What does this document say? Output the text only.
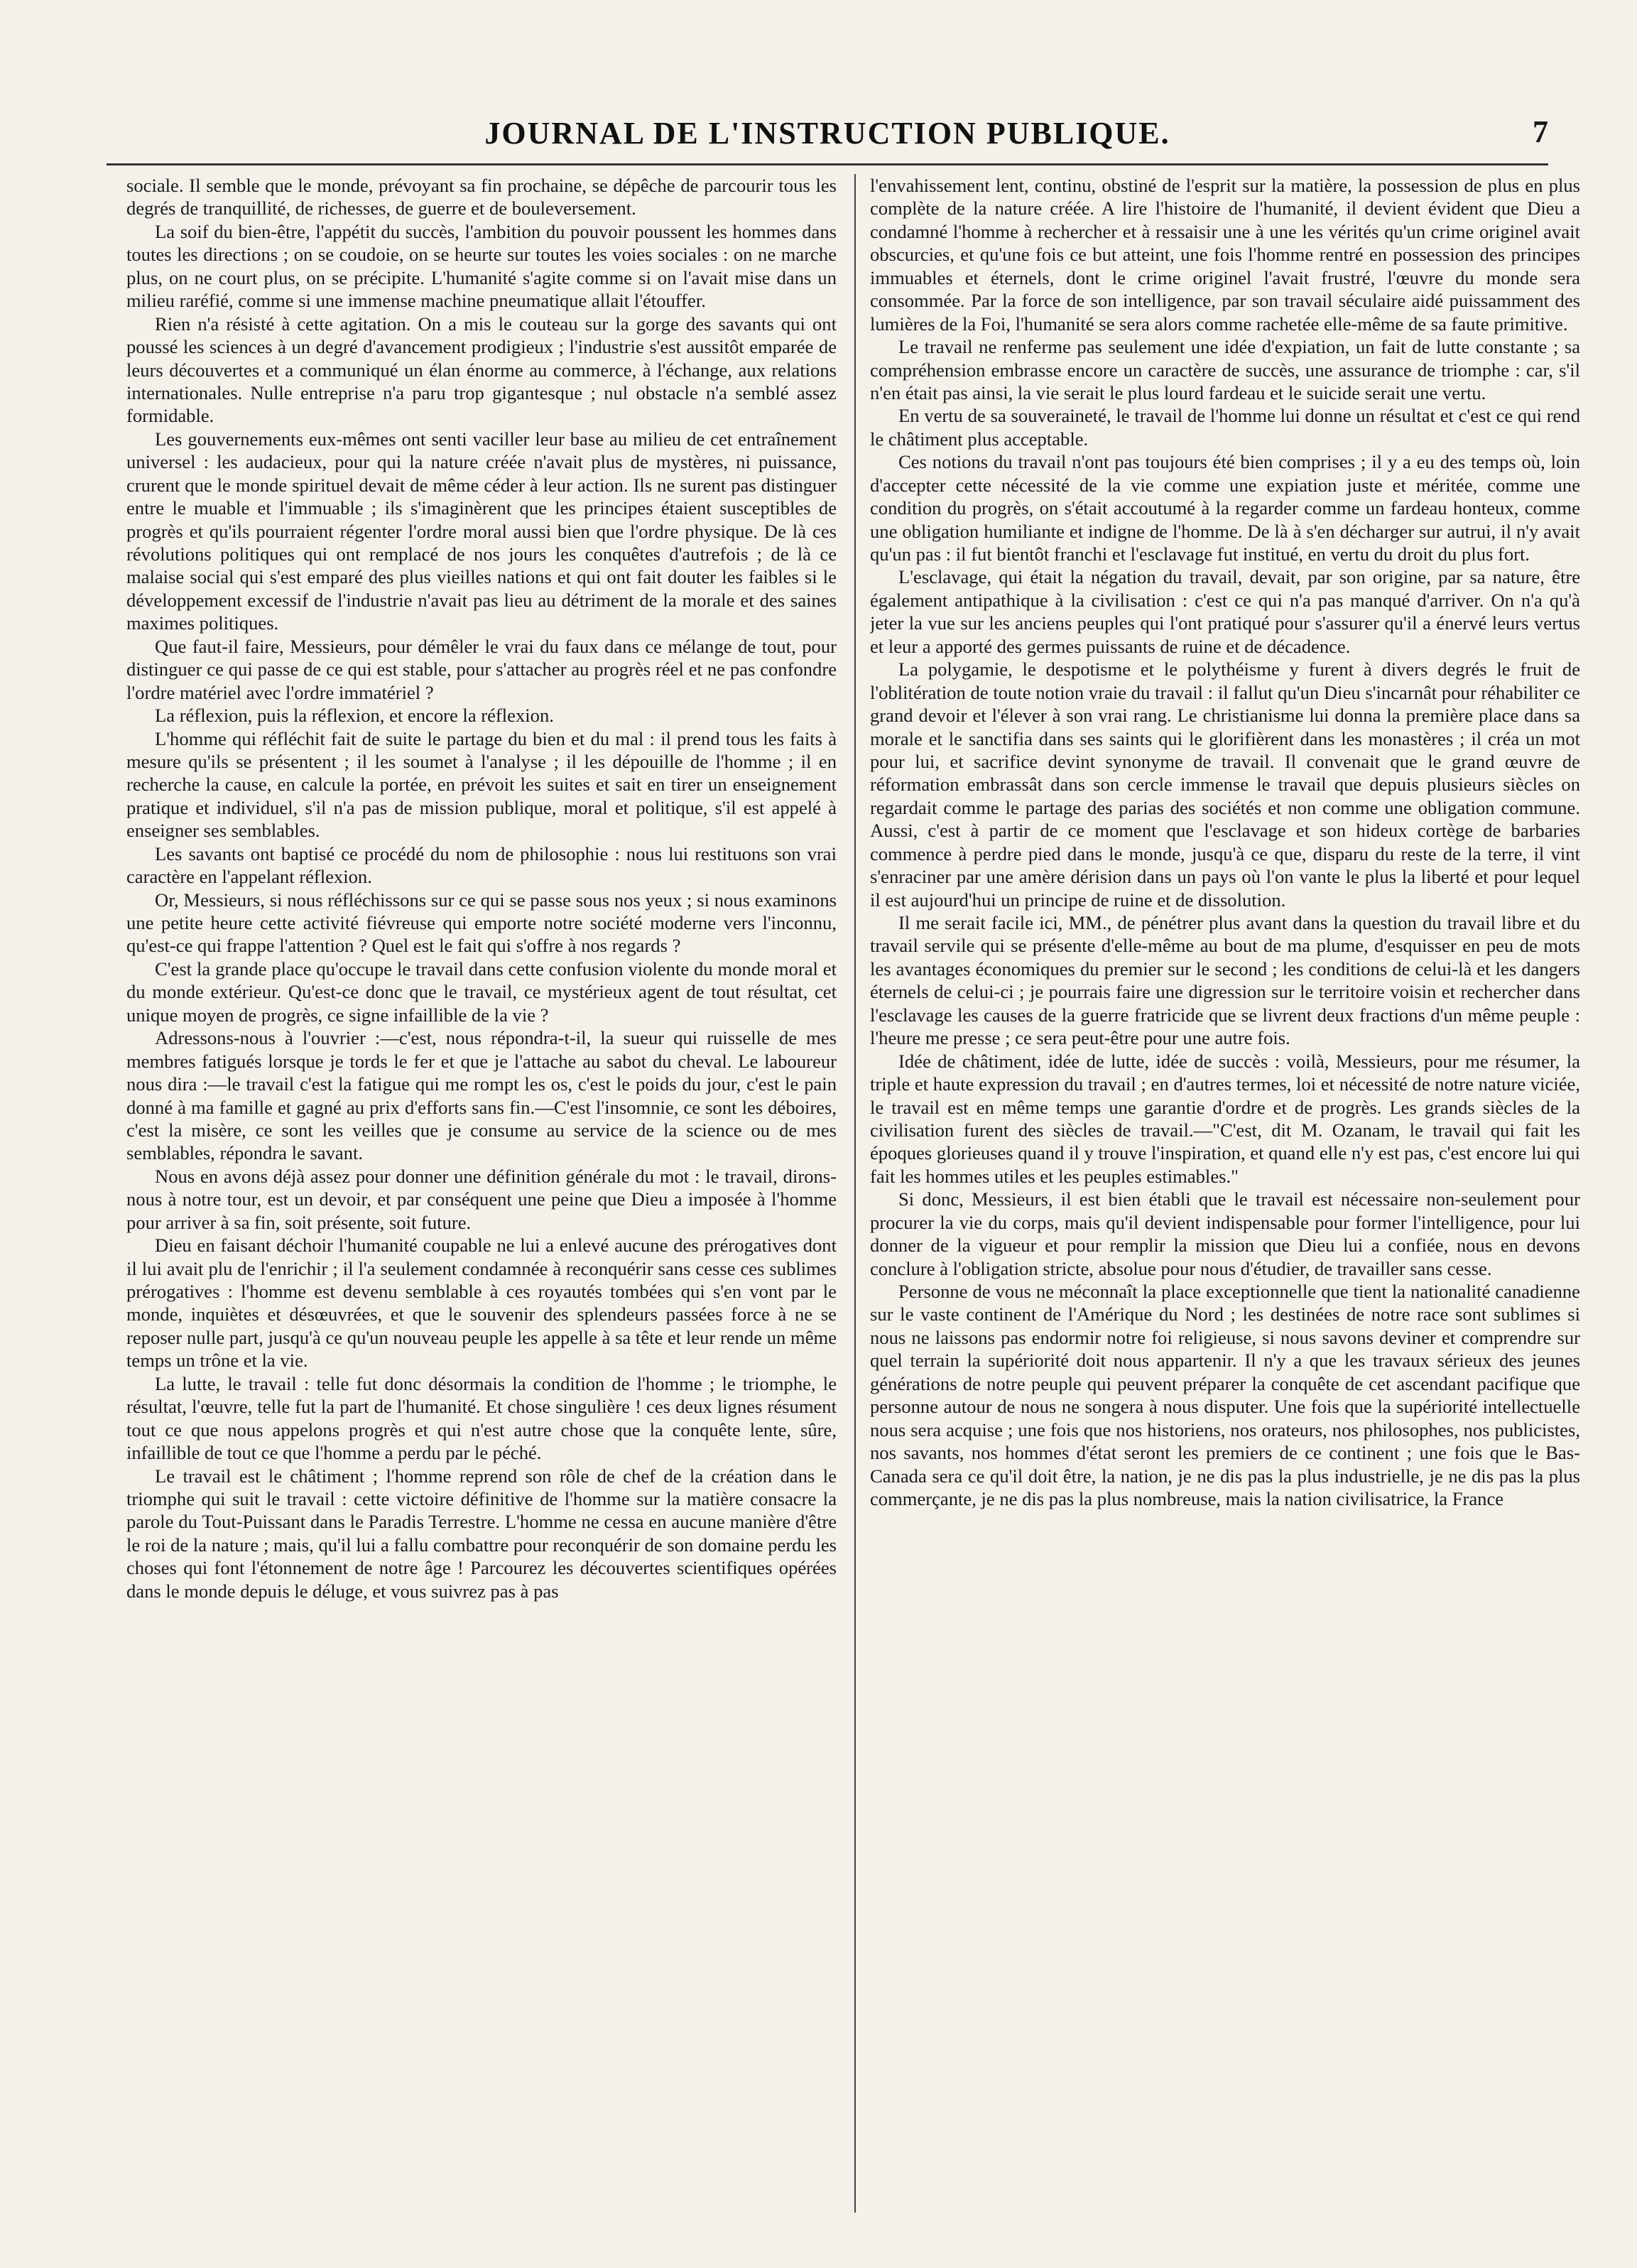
JOURNAL DE L'INSTRUCTION PUBLIQUE.	7

sociale. Il semble que le monde, prévoyant sa fin prochaine, se dépêche de parcourir tous les degrés de tranquillité, de richesses, de guerre et de bouleversement.

La soif du bien-être, l'appétit du succès, l'ambition du pouvoir poussent les hommes dans toutes les directions ; on se coudoie, on se heurte sur toutes les voies sociales : on ne marche plus, on ne court plus, on se précipite. L'humanité s'agite comme si on l'avait mise dans un milieu raréfié, comme si une immense machine pneumatique allait l'étouffer.

Rien n'a résisté à cette agitation. On a mis le couteau sur la gorge des savants qui ont poussé les sciences à un degré d'avancement prodigieux ; l'industrie s'est aussitôt emparée de leurs découvertes et a communiqué un élan énorme au commerce, à l'échange, aux relations internationales. Nulle entreprise n'a paru trop gigantesque ; nul obstacle n'a semblé assez formidable.

Les gouvernements eux-mêmes ont senti vaciller leur base au milieu de cet entraînement universel : les audacieux, pour qui la nature créée n'avait plus de mystères, ni puissance, crurent que le monde spirituel devait de même céder à leur action. Ils ne surent pas distinguer entre le muable et l'immuable ; ils s'imaginèrent que les principes étaient susceptibles de progrès et qu'ils pourraient régenter l'ordre moral aussi bien que l'ordre physique. De là ces révolutions politiques qui ont remplacé de nos jours les conquêtes d'autrefois ; de là ce malaise social qui s'est emparé des plus vieilles nations et qui ont fait douter les faibles si le développement excessif de l'industrie n'avait pas lieu au détriment de la morale et des saines maximes politiques.

Que faut-il faire, Messieurs, pour démêler le vrai du faux dans ce mélange de tout, pour distinguer ce qui passe de ce qui est stable, pour s'attacher au progrès réel et ne pas confondre l'ordre matériel avec l'ordre immatériel ?

La réflexion, puis la réflexion, et encore la réflexion.

L'homme qui réfléchit fait de suite le partage du bien et du mal : il prend tous les faits à mesure qu'ils se présentent ; il les soumet à l'analyse ; il les dépouille de l'homme ; il en recherche la cause, en calcule la portée, en prévoit les suites et sait en tirer un enseignement pratique et individuel, s'il n'a pas de mission publique, moral et politique, s'il est appelé à enseigner ses semblables.

Les savants ont baptisé ce procédé du nom de philosophie : nous lui restituons son vrai caractère en l'appelant réflexion.

Or, Messieurs, si nous réfléchissons sur ce qui se passe sous nos yeux ; si nous examinons une petite heure cette activité fiévreuse qui emporte notre société moderne vers l'inconnu, qu'est-ce qui frappe l'attention ? Quel est le fait qui s'offre à nos regards ?

C'est la grande place qu'occupe le travail dans cette confusion violente du monde moral et du monde extérieur. Qu'est-ce donc que le travail, ce mystérieux agent de tout résultat, cet unique moyen de progrès, ce signe infaillible de la vie ?

Adressons-nous à l'ouvrier :—c'est, nous répondra-t-il, la sueur qui ruisselle de mes membres fatigués lorsque je tords le fer et que je l'attache au sabot du cheval. Le laboureur nous dira :—le travail c'est la fatigue qui me rompt les os, c'est le poids du jour, c'est le pain donné à ma famille et gagné au prix d'efforts sans fin.—C'est l'insomnie, ce sont les déboires, c'est la misère, ce sont les veilles que je consume au service de la science ou de mes semblables, répondra le savant.

Nous en avons déjà assez pour donner une définition générale du mot : le travail, dirons-nous à notre tour, est un devoir, et par conséquent une peine que Dieu a imposée à l'homme pour arriver à sa fin, soit présente, soit future.

Dieu en faisant déchoir l'humanité coupable ne lui a enlevé aucune des prérogatives dont il lui avait plu de l'enrichir ; il l'a seulement condamnée à reconquérir sans cesse ces sublimes prérogatives : l'homme est devenu semblable à ces royautés tombées qui s'en vont par le monde, inquiètes et désœuvrées, et que le souvenir des splendeurs passées force à ne se reposer nulle part, jusqu'à ce qu'un nouveau peuple les appelle à sa tête et leur rende un même temps un trône et la vie.

La lutte, le travail : telle fut donc désormais la condition de l'homme ; le triomphe, le résultat, l'œuvre, telle fut la part de l'humanité. Et chose singulière ! ces deux lignes résument tout ce que nous appelons progrès et qui n'est autre chose que la conquête lente, sûre, infaillible de tout ce que l'homme a perdu par le péché.

Le travail est le châtiment ; l'homme reprend son rôle de chef de la création dans le triomphe qui suit le travail : cette victoire définitive de l'homme sur la matière consacre la parole du Tout-Puissant dans le Paradis Terrestre. L'homme ne cessa en aucune manière d'être le roi de la nature ; mais, qu'il lui a fallu combattre pour reconquérir de son domaine perdu les choses qui font l'étonnement de notre âge ! Parcourez les découvertes scientifiques opérées dans le monde depuis le déluge, et vous suivrez pas à pas

l'envahissement lent, continu, obstiné de l'esprit sur la matière, la possession de plus en plus complète de la nature créée. A lire l'histoire de l'humanité, il devient évident que Dieu a condamné l'homme à rechercher et à ressaisir une à une les vérités qu'un crime originel avait obscurcies, et qu'une fois ce but atteint, une fois l'homme rentré en possession des principes immuables et éternels, dont le crime originel l'avait frustré, l'œuvre du monde sera consommée. Par la force de son intelligence, par son travail séculaire aidé puissamment des lumières de la Foi, l'humanité se sera alors comme rachetée elle-même de sa faute primitive.

Le travail ne renferme pas seulement une idée d'expiation, un fait de lutte constante ; sa compréhension embrasse encore un caractère de succès, une assurance de triomphe : car, s'il n'en était pas ainsi, la vie serait le plus lourd fardeau et le suicide serait une vertu.

En vertu de sa souveraineté, le travail de l'homme lui donne un résultat et c'est ce qui rend le châtiment plus acceptable.

Ces notions du travail n'ont pas toujours été bien comprises ; il y a eu des temps où, loin d'accepter cette nécessité de la vie comme une expiation juste et méritée, comme une condition du progrès, on s'était accoutumé à la regarder comme un fardeau honteux, comme une obligation humiliante et indigne de l'homme. De là à s'en décharger sur autrui, il n'y avait qu'un pas : il fut bientôt franchi et l'esclavage fut institué, en vertu du droit du plus fort.

L'esclavage, qui était la négation du travail, devait, par son origine, par sa nature, être également antipathique à la civilisation : c'est ce qui n'a pas manqué d'arriver. On n'a qu'à jeter la vue sur les anciens peuples qui l'ont pratiqué pour s'assurer qu'il a énervé leurs vertus et leur a apporté des germes puissants de ruine et de décadence.

La polygamie, le despotisme et le polythéisme y furent à divers degrés le fruit de l'oblitération de toute notion vraie du travail : il fallut qu'un Dieu s'incarnât pour réhabiliter ce grand devoir et l'élever à son vrai rang. Le christianisme lui donna la première place dans sa morale et le sanctifia dans ses saints qui le glorifièrent dans les monastères ; il créa un mot pour lui, et sacrifice devint synonyme de travail. Il convenait que le grand œuvre de réformation embrassât dans son cercle immense le travail que depuis plusieurs siècles on regardait comme le partage des parias des sociétés et non comme une obligation commune. Aussi, c'est à partir de ce moment que l'esclavage et son hideux cortège de barbaries commence à perdre pied dans le monde, jusqu'à ce que, disparu du reste de la terre, il vint s'enraciner par une amère dérision dans un pays où l'on vante le plus la liberté et pour lequel il est aujourd'hui un principe de ruine et de dissolution.

Il me serait facile ici, MM., de pénétrer plus avant dans la question du travail libre et du travail servile qui se présente d'elle-même au bout de ma plume, d'esquisser en peu de mots les avantages économiques du premier sur le second ; les conditions de celui-là et les dangers éternels de celui-ci ; je pourrais faire une digression sur le territoire voisin et rechercher dans l'esclavage les causes de la guerre fratricide que se livrent deux fractions d'un même peuple : l'heure me presse ; ce sera peut-être pour une autre fois.

Idée de châtiment, idée de lutte, idée de succès : voilà, Messieurs, pour me résumer, la triple et haute expression du travail ; en d'autres termes, loi et nécessité de notre nature viciée, le travail est en même temps une garantie d'ordre et de progrès. Les grands siècles de la civilisation furent des siècles de travail.—"C'est, dit M. Ozanam, le travail qui fait les époques glorieuses quand il y trouve l'inspiration, et quand elle n'y est pas, c'est encore lui qui fait les hommes utiles et les peuples estimables."

Si donc, Messieurs, il est bien établi que le travail est nécessaire non-seulement pour procurer la vie du corps, mais qu'il devient indispensable pour former l'intelligence, pour lui donner de la vigueur et pour remplir la mission que Dieu lui a confiée, nous en devons conclure à l'obligation stricte, absolue pour nous d'étudier, de travailler sans cesse.

Personne de vous ne méconnaît la place exceptionnelle que tient la nationalité canadienne sur le vaste continent de l'Amérique du Nord ; les destinées de notre race sont sublimes si nous ne laissons pas endormir notre foi religieuse, si nous savons deviner et comprendre sur quel terrain la supériorité doit nous appartenir. Il n'y a que les travaux sérieux des jeunes générations de notre peuple qui peuvent préparer la conquête de cet ascendant pacifique que personne autour de nous ne songera à nous disputer. Une fois que la supériorité intellectuelle nous sera acquise ; une fois que nos historiens, nos orateurs, nos philosophes, nos publicistes, nos savants, nos hommes d'état seront les premiers de ce continent ; une fois que le Bas-Canada sera ce qu'il doit être, la nation, je ne dis pas la plus industrielle, je ne dis pas la plus commerçante, je ne dis pas la plus nombreuse, mais la nation civilisatrice, la France
